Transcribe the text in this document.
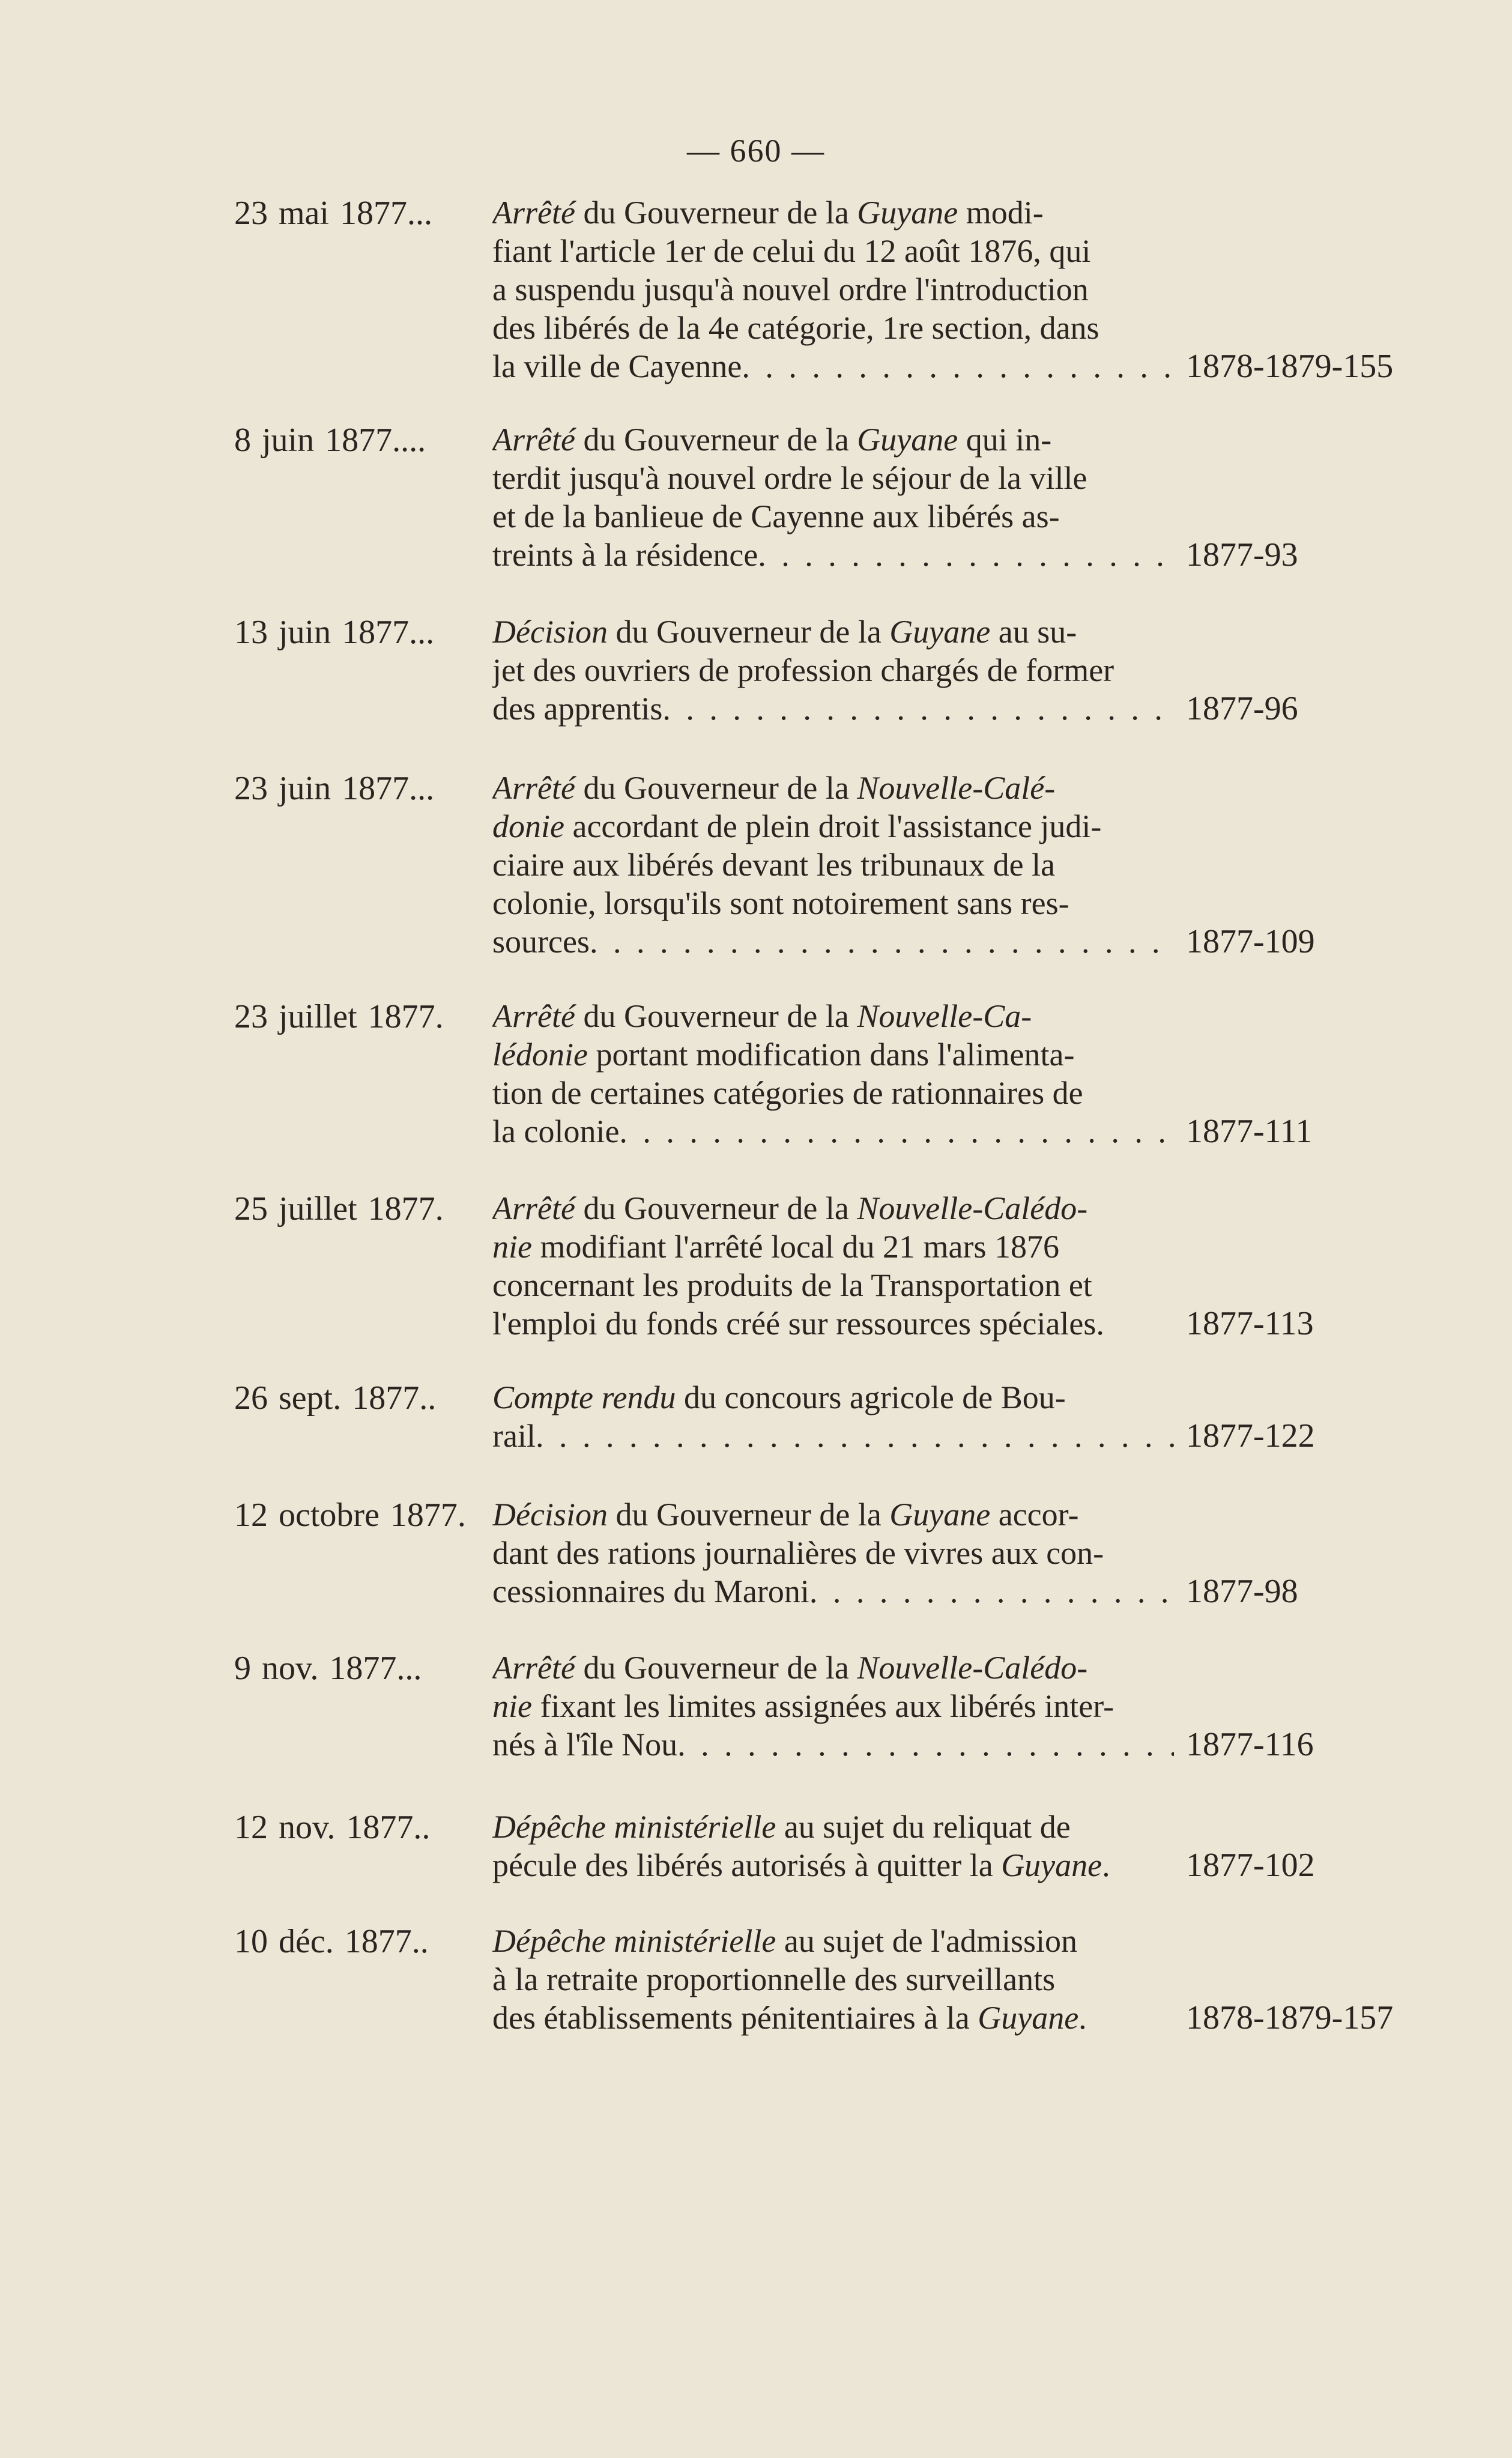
— 660 —
23 mai 1877... Arrêté du Gouverneur de la Guyane modi-
fiant l'article 1er de celui du 12 août 1876, qui
a suspendu jusqu'à nouvel ordre l'introduction
des libérés de la 4e catégorie, 1re section, dans
la ville de Cayenne . . .	1878-1879-155
8 juin 1877.... Arrêté du Gouverneur de la Guyane qui in-
terdit jusqu'à nouvel ordre le séjour de la ville
et de la banlieue de Cayenne aux libérés as-
treints à la résidence . . .	1877-93
13 juin 1877... Décision du Gouverneur de la Guyane au su-
jet des ouvriers de profession chargés de former
des apprentis . . .	1877-96
23 juin 1877... Arrêté du Gouverneur de la Nouvelle-Calé-
donie accordant de plein droit l'assistance judi-
ciaire aux libérés devant les tribunaux de la
colonie, lorsqu'ils sont notoirement sans res-
sources . . .	1877-109
23 juillet 1877. Arrêté du Gouverneur de la Nouvelle-Ca-
lédonie portant modification dans l'alimenta-
tion de certaines catégories de rationnaires de
la colonie . . .	1877-111
25 juillet 1877. Arrêté du Gouverneur de la Nouvelle-Calédo-
nie modifiant l'arrêté local du 21 mars 1876
concernant les produits de la Transportation et
l'emploi du fonds créé sur ressources spéciales.	1877-113
26 sept. 1877.. Compte rendu du concours agricole de Bou-
rail . . .	1877-122
12 octobre 1877. Décision du Gouverneur de la Guyane accor-
dant des rations journalières de vivres aux con-
cessionnaires du Maroni . . .	1877-98
9 nov. 1877... Arrêté du Gouverneur de la Nouvelle-Calédo-
nie fixant les limites assignées aux libérés inter-
nés à l'île Nou . . .	1877-116
12 nov. 1877.. Dépêche ministérielle au sujet du reliquat de
pécule des libérés autorisés à quitter la Guyane.	1877-102
10 déc. 1877.. Dépêche ministérielle au sujet de l'admission
à la retraite proportionnelle des surveillants
des établissements pénitentiaires à la Guyane.	1878-1879-157
